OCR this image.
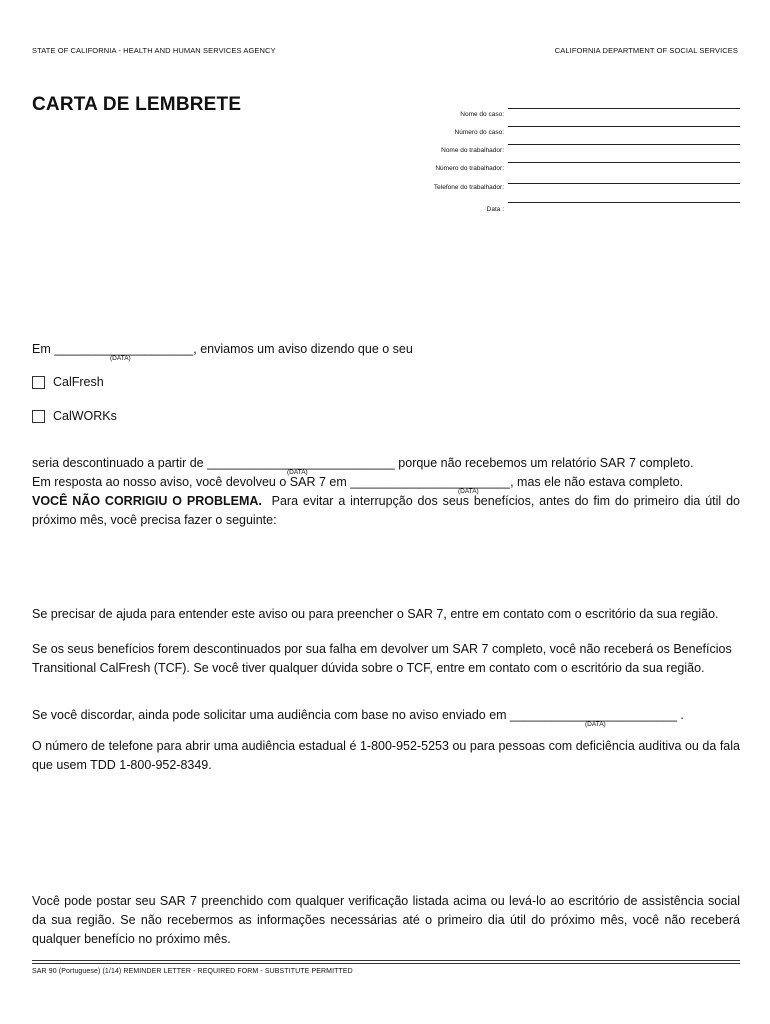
STATE OF CALIFORNIA - HEALTH AND HUMAN SERVICES AGENCY	CALIFORNIA DEPARTMENT OF SOCIAL SERVICES
CARTA DE LEMBRETE	Nome do caso:
Número do caso:
Nome do trabalhador:
Número do trabalhador:
Telefone do trabalhador:
Data :
Em ____________________, enviamos um aviso dizendo que o seu
(DATA)
CalFresh
CalWORKs
seria descontinuado a partir de ___________________________ porque não recebemos um relatório SAR 7 completo.
(DATA)
Em resposta ao nosso aviso, você devolveu o SAR 7 em _______________________, mas ele não estava completo.
(DATA)
VOCÊ NÃO CORRIGIU O PROBLEMA. Para evitar a interrupção dos seus benefícios, antes do fim do primeiro dia útil do próximo mês, você precisa fazer o seguinte:
Se precisar de ajuda para entender este aviso ou para preencher o SAR 7, entre em contato com o escritório da sua região.
Se os seus benefícios forem descontinuados por sua falha em devolver um SAR 7 completo, você não receberá os Benefícios Transitional CalFresh (TCF). Se você tiver qualquer dúvida sobre o TCF, entre em contato com o escritório da sua região.
Se você discordar, ainda pode solicitar uma audiência com base no aviso enviado em ________________________ .
(DATA)
O número de telefone para abrir uma audiência estadual é 1-800-952-5253 ou para pessoas com deficiência auditiva ou da fala que usem TDD 1-800-952-8349.
Você pode postar seu SAR 7 preenchido com qualquer verificação listada acima ou levá-lo ao escritório de assistência social da sua região. Se não recebermos as informações necessárias até o primeiro dia útil do próximo mês, você não receberá qualquer benefício no próximo mês.
SAR 90 (Portuguese) (1/14) REMINDER LETTER - REQUIRED FORM - SUBSTITUTE PERMITTED
